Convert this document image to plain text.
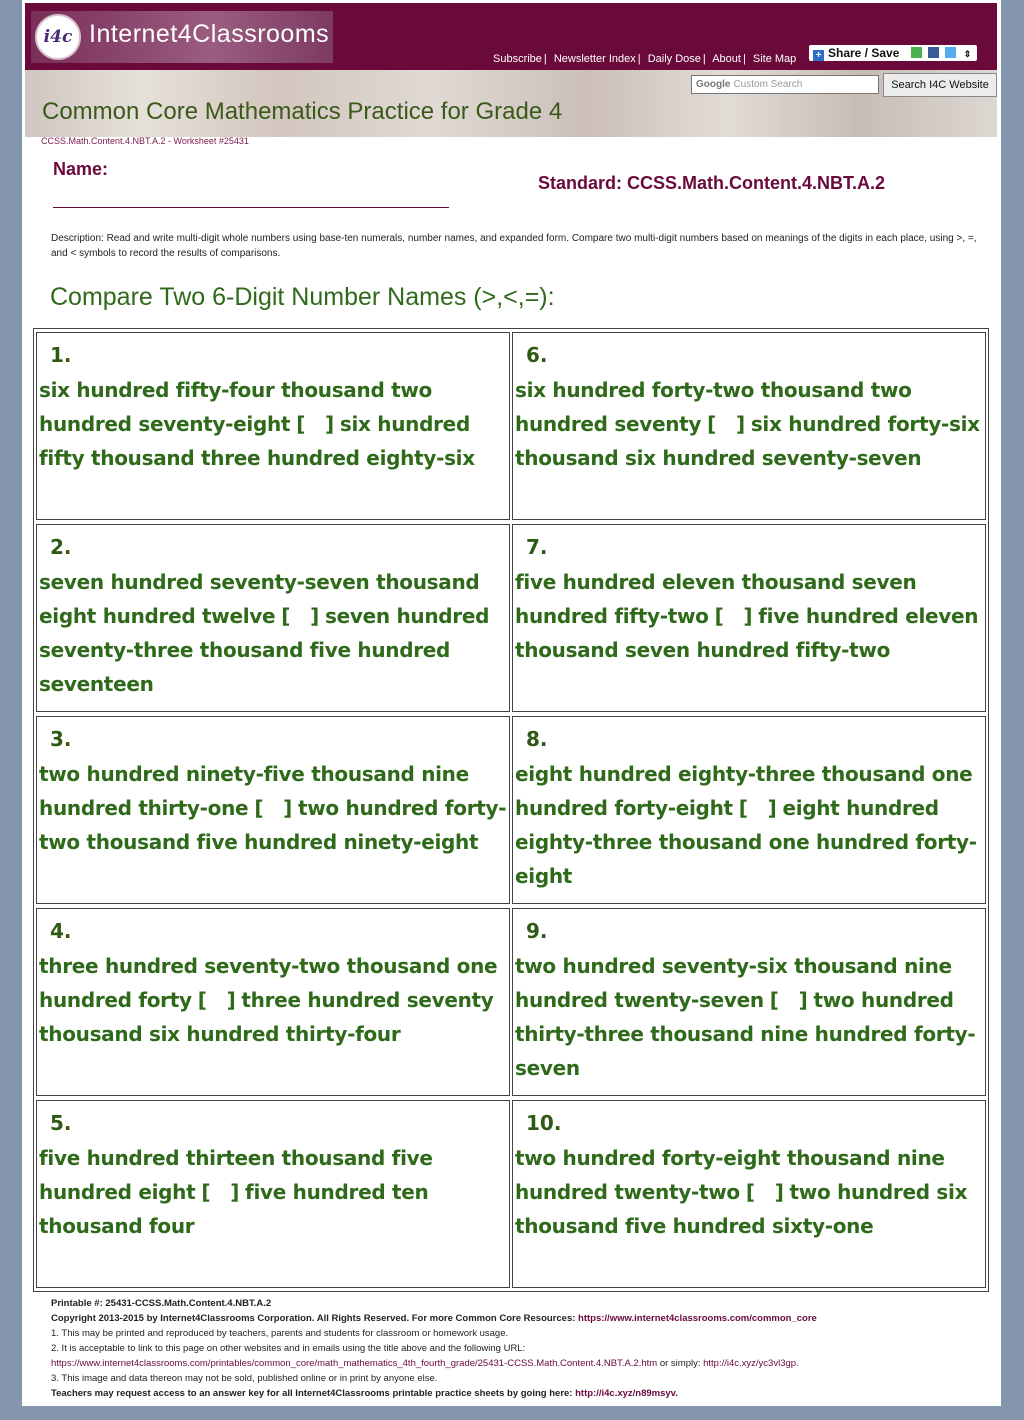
i4c Internet4Classrooms
Subscribe | Newsletter Index | Daily Dose | About | Site Map	+ Share / Save	⇕
Google Custom Search	Search I4C Website
Common Core Mathematics Practice for Grade 4
CCSS.Math.Content.4.NBT.A.2 - Worksheet #25431
Name:
Standard: CCSS.Math.Content.4.NBT.A.2
Description: Read and write multi-digit whole numbers using base-ten numerals, number names, and expanded form. Compare two multi-digit numbers based on meanings of the digits in each place, using >, =, and < symbols to record the results of comparisons.
Compare Two 6-Digit Number Names (>,<,=):
1.
six hundred fifty-four thousand two hundred seventy-eight [   ] six hundred fifty thousand three hundred eighty-six
2.
seven hundred seventy-seven thousand eight hundred twelve [   ] seven hundred seventy-three thousand five hundred seventeen
3.
two hundred ninety-five thousand nine hundred thirty-one [   ] two hundred forty-two thousand five hundred ninety-eight
4.
three hundred seventy-two thousand one hundred forty [   ] three hundred seventy thousand six hundred thirty-four
5.
five hundred thirteen thousand five hundred eight [   ] five hundred ten thousand four
6.
six hundred forty-two thousand two hundred seventy [   ] six hundred forty-six thousand six hundred seventy-seven
7.
five hundred eleven thousand seven hundred fifty-two [   ] five hundred eleven thousand seven hundred fifty-two
8.
eight hundred eighty-three thousand one hundred forty-eight [   ] eight hundred eighty-three thousand one hundred forty-eight
9.
two hundred seventy-six thousand nine hundred twenty-seven [   ] two hundred thirty-three thousand nine hundred forty-seven
10.
two hundred forty-eight thousand nine hundred twenty-two [   ] two hundred six thousand five hundred sixty-one
Printable #: 25431-CCSS.Math.Content.4.NBT.A.2
Copyright 2013-2015 by Internet4Classrooms Corporation. All Rights Reserved. For more Common Core Resources: https://www.internet4classrooms.com/common_core
1. This may be printed and reproduced by teachers, parents and students for classroom or homework usage.
2. It is acceptable to link to this page on other websites and in emails using the title above and the following URL:
https://www.internet4classrooms.com/printables/common_core/math_mathematics_4th_fourth_grade/25431-CCSS.Math.Content.4.NBT.A.2.htm or simply: http://i4c.xyz/yc3vl3gp.
3. This image and data thereon may not be sold, published online or in print by anyone else.
Teachers may request access to an answer key for all Internet4Classrooms printable practice sheets by going here: http://i4c.xyz/n89msyv.
